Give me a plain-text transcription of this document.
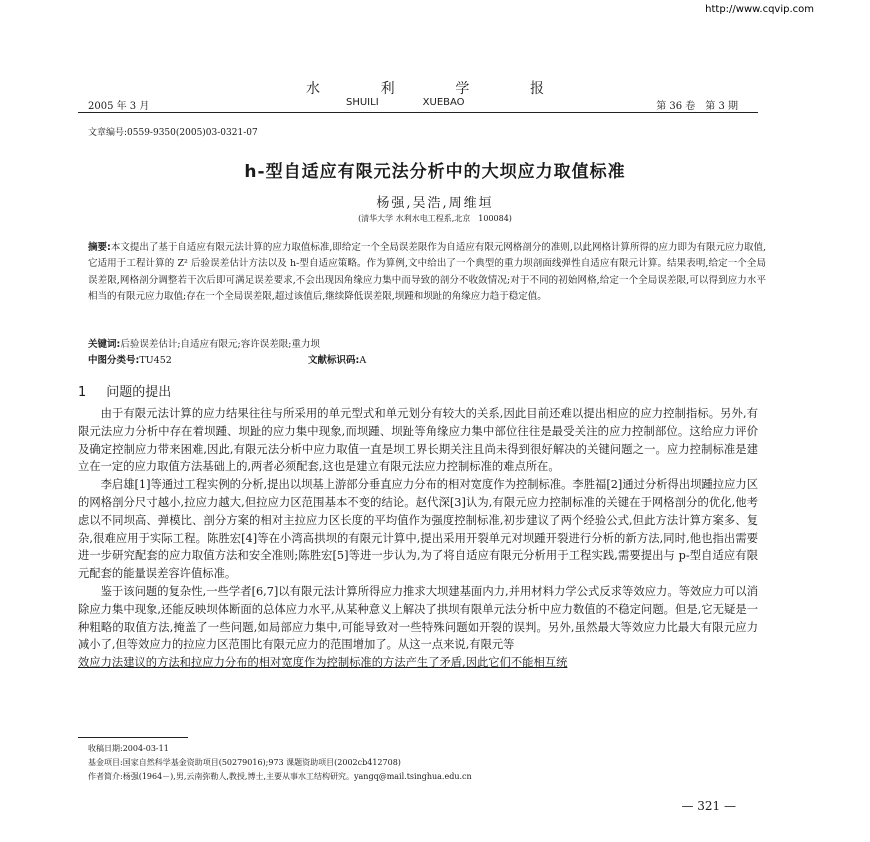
http://www.cqvip.com
水	利	学	报
2005 年 3 月	SHUILI	XUEBAO	第 36 卷　第 3 期
文章编号:0559-9350(2005)03-0321-07
h-型自适应有限元法分析中的大坝应力取值标准
杨强,吴浩,周维垣
(清华大学 水利水电工程系,北京　100084)
摘要:本文提出了基于自适应有限元法计算的应力取值标准,即给定一个全局误差限作为自适应有限元网格剖分的准则,以此网格计算所得的应力即为有限元应力取值,它适用于工程计算的 Z² 后验误差估计方法以及 h-型自适应策略。作为算例,文中给出了一个典型的重力坝剖面线弹性自适应有限元计算。结果表明,给定一个全局误差限,网格剖分调整若干次后即可满足误差要求,不会出现因角缘应力集中而导致的剖分不收敛情况;对于不同的初始网格,给定一个全局误差限,可以得到应力水平相当的有限元应力取值;存在一个全局误差限,超过该值后,继续降低误差限,坝踵和坝趾的角缘应力趋于稳定值。
关键词:后验误差估计;自适应有限元;容许误差限;重力坝
中图分类号:TU452	文献标识码:A
1 问题的提出

由于有限元法计算的应力结果往往与所采用的单元型式和单元划分有较大的关系,因此目前还难以提出相应的应力控制指标。另外,有限元法应力分析中存在着坝踵、坝趾的应力集中现象,而坝踵、坝趾等角缘应力集中部位往往是最受关注的应力控制部位。这给应力评价及确定控制应力带来困难,因此,有限元法分析中应力取值一直是坝工界长期关注且尚未得到很好解决的关键问题之一。应力控制标准是建立在一定的应力取值方法基础上的,两者必须配套,这也是建立有限元法应力控制标准的难点所在。

李启雄[1]等通过工程实例的分析,提出以坝基上游部分垂直应力分布的相对宽度作为控制标准。李胜福[2]通过分析得出坝踵拉应力区的网格剖分尺寸越小,拉应力越大,但拉应力区范围基本不变的结论。赵代深[3]认为,有限元应力控制标准的关键在于网格剖分的优化,他考虑以不同坝高、弹模比、剖分方案的相对主拉应力区长度的平均值作为强度控制标准,初步建议了两个经验公式,但此方法计算方案多、复杂,很难应用于实际工程。陈胜宏[4]等在小湾高拱坝的有限元计算中,提出采用开裂单元对坝踵开裂进行分析的新方法,同时,他也指出需要进一步研究配套的应力取值方法和安全准则;陈胜宏[5]等进一步认为,为了将自适应有限元分析用于工程实践,需要提出与 p-型自适应有限元配套的能量误差容许值标准。

鉴于该问题的复杂性,一些学者[6,7]以有限元法计算所得应力推求大坝建基面内力,并用材料力学公式反求等效应力。等效应力可以消除应力集中现象,还能反映坝体断面的总体应力水平,从某种意义上解决了拱坝有限单元法分析中应力数值的不稳定问题。但是,它无疑是一种粗略的取值方法,掩盖了一些问题,如局部应力集中,可能导致对一些特殊问题如开裂的误判。另外,虽然最大等效应力比最大有限元应力减小了,但等效应力的拉应力区范围比有限元应力的范围增加了。从这一点来说,有限元等

效应力法建议的方法和拉应力分布的相对宽度作为控制标准的方法产生了矛盾,因此它们不能相互统

收稿日期:2004-03-11
基金项目:国家自然科学基金资助项目(50279016);973 课题资助项目(2002cb412708)
作者简介:杨强(1964－),男,云南弥勒人,教授,博士,主要从事水工结构研究。yangq@mail.tsinghua.edu.cn
— 321 —
